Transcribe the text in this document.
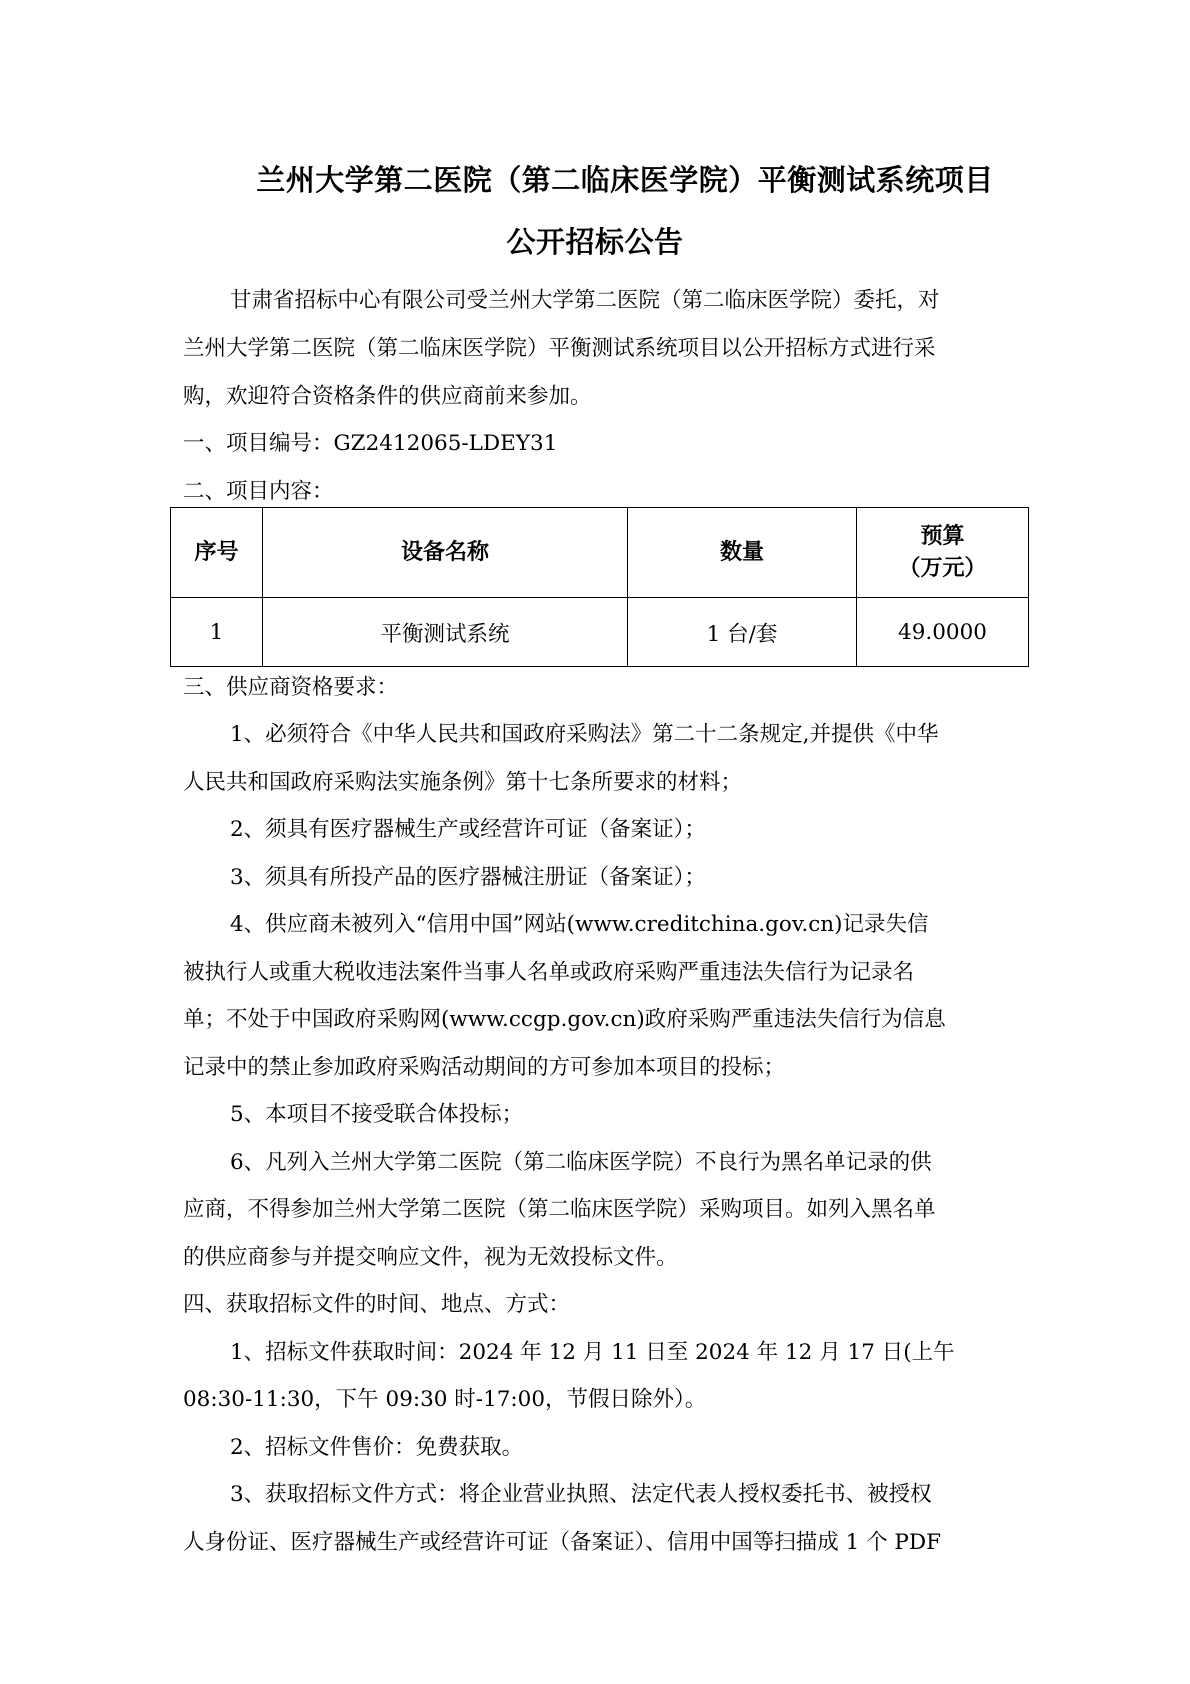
兰州大学第二医院（第二临床医学院）平衡测试系统项目
公开招标公告
甘肃省招标中心有限公司受兰州大学第二医院（第二临床医学院）委托，对
兰州大学第二医院（第二临床医学院）平衡测试系统项目以公开招标方式进行采
购，欢迎符合资格条件的供应商前来参加。
一、项目编号：GZ2412065-LDEY31
二、项目内容：
序号	设备名称	数量	预算
（万元）

1	平衡测试系统	1 台/套	49.0000
三、供应商资格要求：
1、必须符合《中华人民共和国政府采购法》第二十二条规定,并提供《中华
人民共和国政府采购法实施条例》第十七条所要求的材料；
2、须具有医疗器械生产或经营许可证（备案证）；
3、须具有所投产品的医疗器械注册证（备案证）；
4、供应商未被列入“信用中国”网站(www.creditchina.gov.cn)记录失信
被执行人或重大税收违法案件当事人名单或政府采购严重违法失信行为记录名
单；不处于中国政府采购网(www.ccgp.gov.cn)政府采购严重违法失信行为信息
记录中的禁止参加政府采购活动期间的方可参加本项目的投标；
5、本项目不接受联合体投标；
6、凡列入兰州大学第二医院（第二临床医学院）不良行为黑名单记录的供
应商，不得参加兰州大学第二医院（第二临床医学院）采购项目。如列入黑名单
的供应商参与并提交响应文件，视为无效投标文件。
四、获取招标文件的时间、地点、方式：
1、招标文件获取时间：2024 年 12 月 11 日至 2024 年 12 月 17 日(上午
08:30-11:30，下午 09:30 时-17:00，节假日除外）。
2、招标文件售价：免费获取。
3、获取招标文件方式：将企业营业执照、法定代表人授权委托书、被授权
人身份证、医疗器械生产或经营许可证（备案证）、信用中国等扫描成 1 个 PDF
